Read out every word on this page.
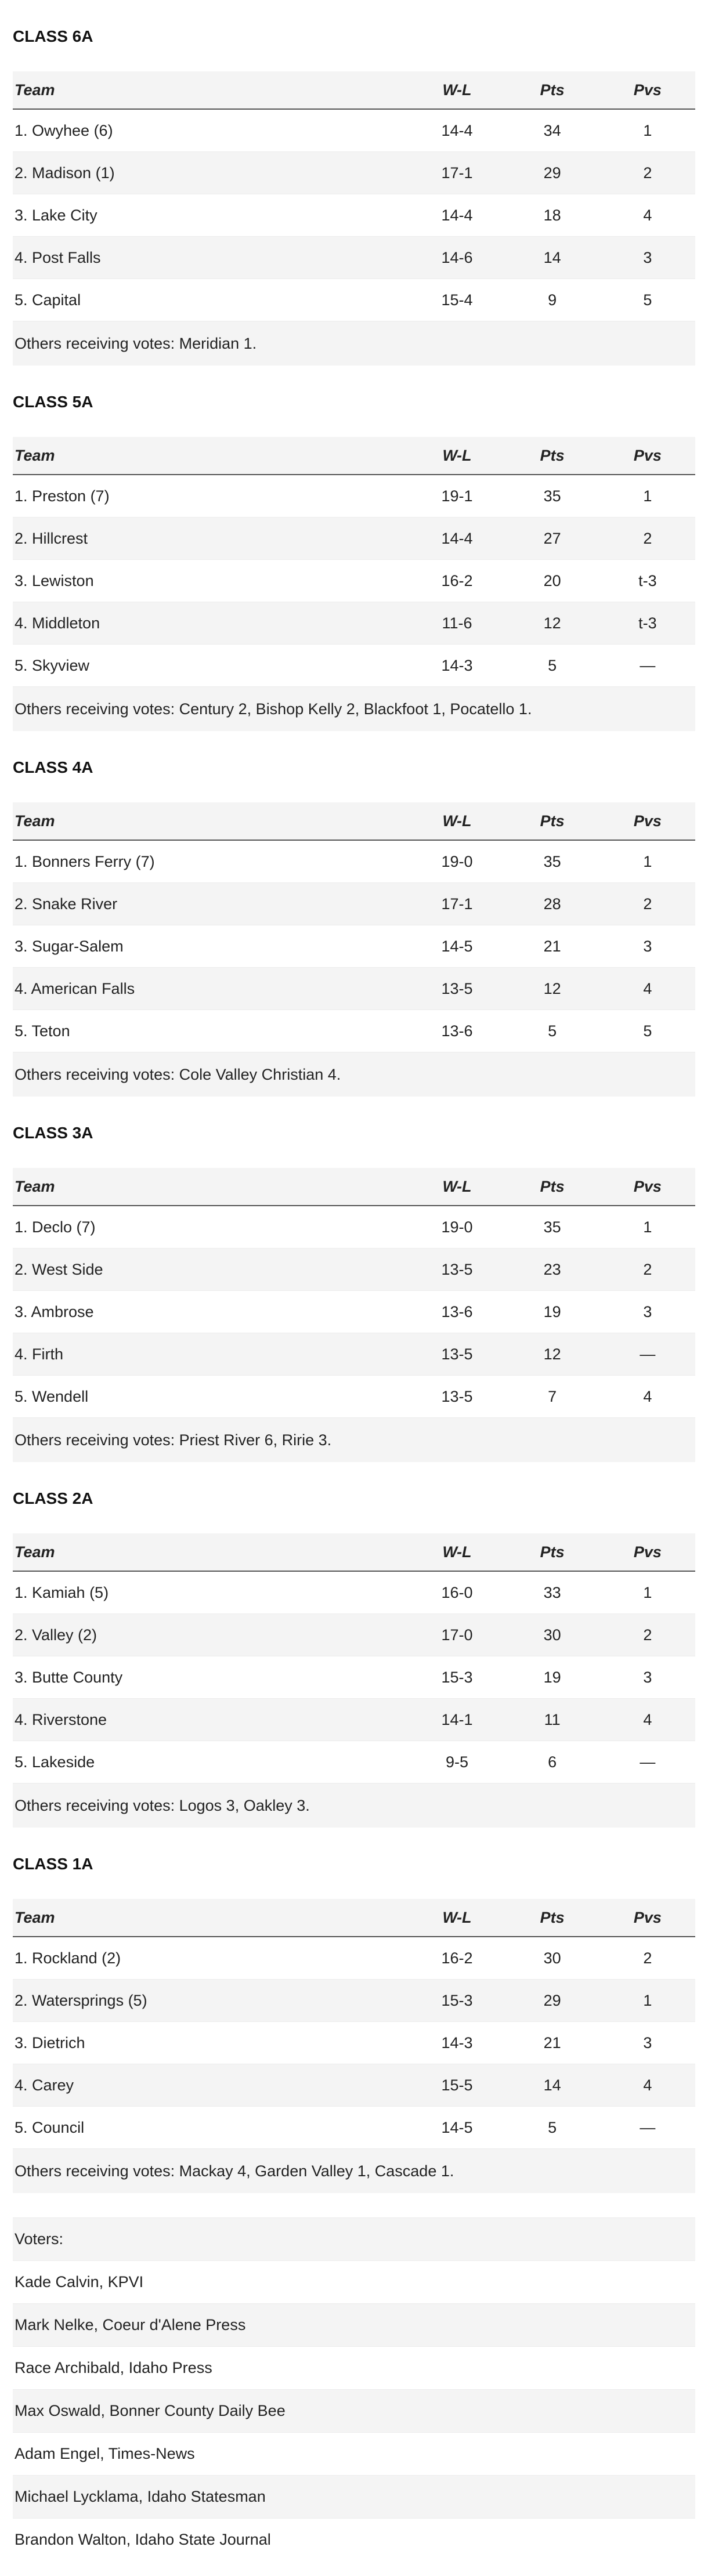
CLASS 6A
Team	W-L	Pts	Pvs
1. Owyhee (6)	14-4	34	1
2. Madison (1)	17-1	29	2
3. Lake City	14-4	18	4
4. Post Falls	14-6	14	3
5. Capital	15-4	9	5
Others receiving votes: Meridian 1.
CLASS 5A
Team	W-L	Pts	Pvs
1. Preston (7)	19-1	35	1
2. Hillcrest	14-4	27	2
3. Lewiston	16-2	20	t-3
4. Middleton	11-6	12	t-3
5. Skyview	14-3	5	—
Others receiving votes: Century 2, Bishop Kelly 2, Blackfoot 1, Pocatello 1.
CLASS 4A
Team	W-L	Pts	Pvs
1. Bonners Ferry (7)	19-0	35	1
2. Snake River	17-1	28	2
3. Sugar-Salem	14-5	21	3
4. American Falls	13-5	12	4
5. Teton	13-6	5	5
Others receiving votes: Cole Valley Christian 4.
CLASS 3A
Team	W-L	Pts	Pvs
1. Declo (7)	19-0	35	1
2. West Side	13-5	23	2
3. Ambrose	13-6	19	3
4. Firth	13-5	12	—
5. Wendell	13-5	7	4
Others receiving votes: Priest River 6, Ririe 3.
CLASS 2A
Team	W-L	Pts	Pvs
1. Kamiah (5)	16-0	33	1
2. Valley (2)	17-0	30	2
3. Butte County	15-3	19	3
4. Riverstone	14-1	11	4
5. Lakeside	9-5	6	—
Others receiving votes: Logos 3, Oakley 3.
CLASS 1A
Team	W-L	Pts	Pvs
1. Rockland (2)	16-2	30	2
2. Watersprings (5)	15-3	29	1
3. Dietrich	14-3	21	3
4. Carey	15-5	14	4
5. Council	14-5	5	—
Others receiving votes: Mackay 4, Garden Valley 1, Cascade 1.
Voters:
Kade Calvin, KPVI
Mark Nelke, Coeur d'Alene Press
Race Archibald, Idaho Press
Max Oswald, Bonner County Daily Bee
Adam Engel, Times-News
Michael Lycklama, Idaho Statesman
Brandon Walton, Idaho State Journal
